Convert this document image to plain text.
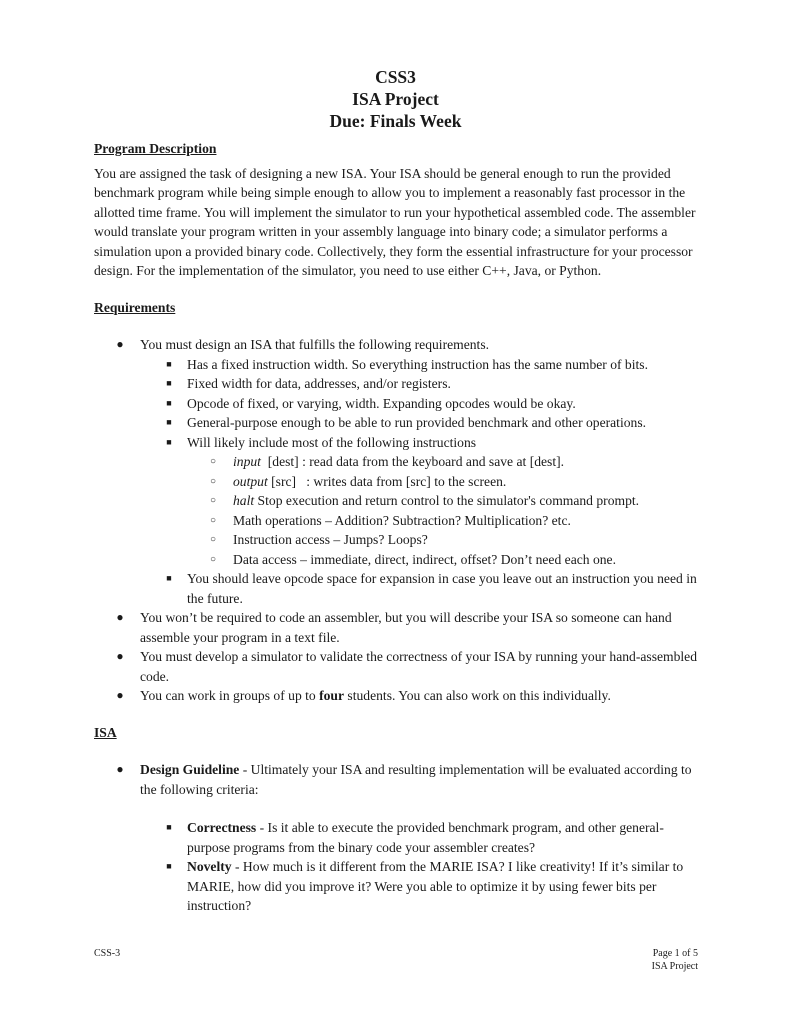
CSS3
ISA Project
Due: Finals Week
Program Description

You are assigned the task of designing a new ISA. Your ISA should be general enough to run the provided benchmark program while being simple enough to allow you to implement a reasonably fast processor in the allotted time frame. You will implement the simulator to run your hypothetical assembled code. The assembler would translate your program written in your assembly language into binary code; a simulator performs a simulation upon a provided binary code. Collectively, they form the essential infrastructure for your processor design. For the implementation of the simulator, you need to use either C++, Java, or Python.

Requirements
● You must design an ISA that fulfills the following requirements.
■ Has a fixed instruction width. So everything instruction has the same number of bits.
■ Fixed width for data, addresses, and/or registers.
■ Opcode of fixed, or varying, width. Expanding opcodes would be okay.
■ General-purpose enough to be able to run provided benchmark and other operations.
■ Will likely include most of the following instructions
○ input  [dest] : read data from the keyboard and save at [dest].
○ output [src]   : writes data from [src] to the screen.
○ halt Stop execution and return control to the simulator's command prompt.
○ Math operations – Addition? Subtraction? Multiplication? etc.
○ Instruction access – Jumps? Loops?
○ Data access – immediate, direct, indirect, offset? Don’t need each one.
■ You should leave opcode space for expansion in case you leave out an instruction you need in the future.
● You won’t be required to code an assembler, but you will describe your ISA so someone can hand assemble your program in a text file.
● You must develop a simulator to validate the correctness of your ISA by running your hand-assembled code.
● You can work in groups of up to four students. You can also work on this individually.
ISA
● Design Guideline - Ultimately your ISA and resulting implementation will be evaluated according to the following criteria:
■ Correctness - Is it able to execute the provided benchmark program, and other general-purpose programs from the binary code your assembler creates?
■ Novelty - How much is it different from the MARIE ISA? I like creativity! If it’s similar to MARIE, how did you improve it? Were you able to optimize it by using fewer bits per instruction?
CSS-3	Page 1 of 5
ISA Project
